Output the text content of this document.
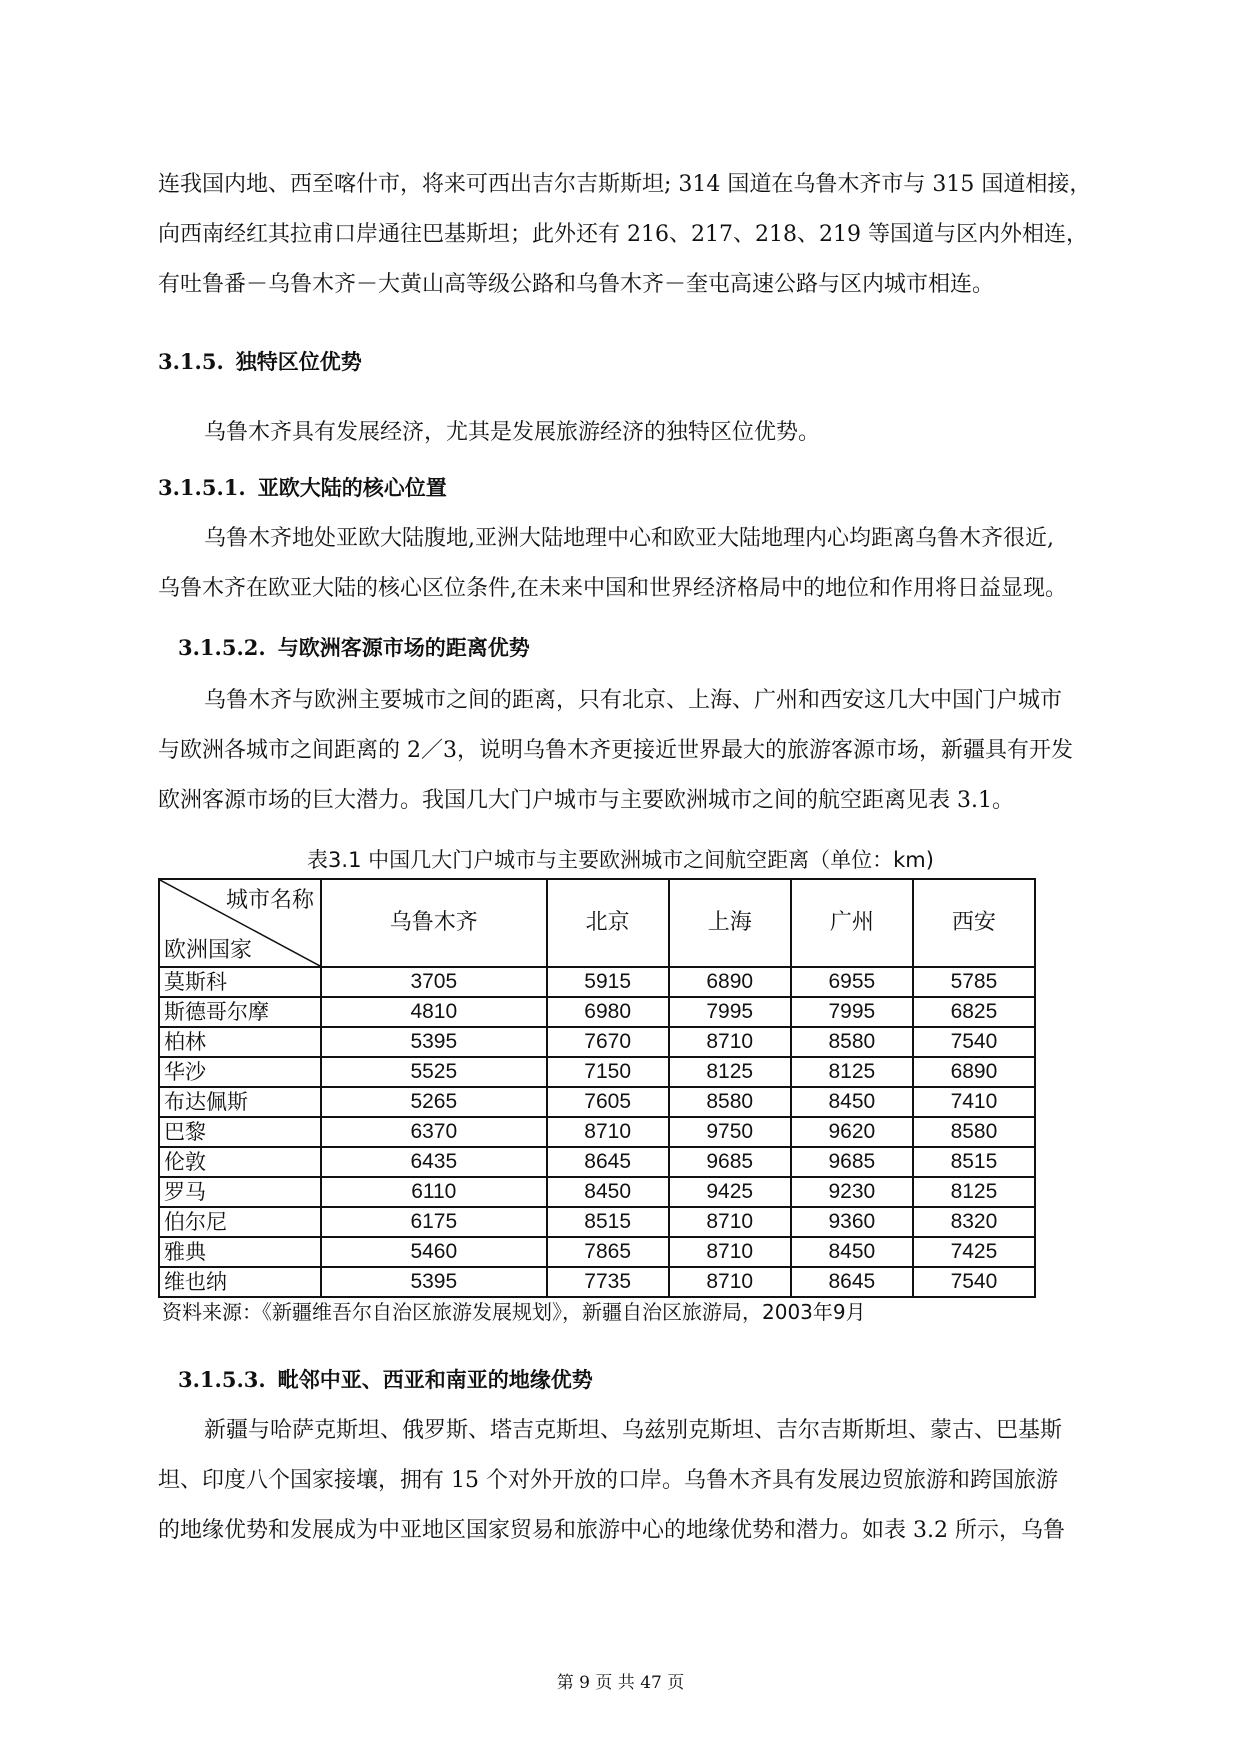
连我国内地、西至喀什市，将来可西出吉尔吉斯斯坦; 314 国道在乌鲁木齐市与 315 国道相接，
向西南经红其拉甫口岸通往巴基斯坦；此外还有 216、217、218、219 等国道与区内外相连，
有吐鲁番－乌鲁木齐－大黄山高等级公路和乌鲁木齐－奎屯高速公路与区内城市相连。

3.1.5. 独特区位优势

乌鲁木齐具有发展经济，尤其是发展旅游经济的独特区位优势。

3.1.5.1. 亚欧大陆的核心位置

乌鲁木齐地处亚欧大陆腹地,亚洲大陆地理中心和欧亚大陆地理内心均距离乌鲁木齐很近,
乌鲁木齐在欧亚大陆的核心区位条件,在未来中国和世界经济格局中的地位和作用将日益显现。

3.1.5.2. 与欧洲客源市场的距离优势

乌鲁木齐与欧洲主要城市之间的距离，只有北京、上海、广州和西安这几大中国门户城市
与欧洲各城市之间距离的 2／3，说明乌鲁木齐更接近世界最大的旅游客源市场，新疆具有开发
欧洲客源市场的巨大潜力。我国几大门户城市与主要欧洲城市之间的航空距离见表 3.1。

表3.1 中国几大门户城市与主要欧洲城市之间航空距离（单位：km)
城市名称
欧洲国家	乌鲁木齐	北京	上海	广州	西安
莫斯科	3705	5915	6890	6955	5785
斯德哥尔摩	4810	6980	7995	7995	6825
柏林	5395	7670	8710	8580	7540
华沙	5525	7150	8125	8125	6890
布达佩斯	5265	7605	8580	8450	7410
巴黎	6370	8710	9750	9620	8580
伦敦	6435	8645	9685	9685	8515
罗马	6110	8450	9425	9230	8125
伯尔尼	6175	8515	8710	9360	8320
雅典	5460	7865	8710	8450	7425
维也纳	5395	7735	8710	8645	7540
资料来源：《新疆维吾尔自治区旅游发展规划》，新疆自治区旅游局，2003年9月
3.1.5.3. 毗邻中亚、西亚和南亚的地缘优势

新疆与哈萨克斯坦、俄罗斯、塔吉克斯坦、乌兹别克斯坦、吉尔吉斯斯坦、蒙古、巴基斯
坦、印度八个国家接壤，拥有 15 个对外开放的口岸。乌鲁木齐具有发展边贸旅游和跨国旅游
的地缘优势和发展成为中亚地区国家贸易和旅游中心的地缘优势和潜力。如表 3.2 所示，乌鲁

第 9 页 共 47 页
